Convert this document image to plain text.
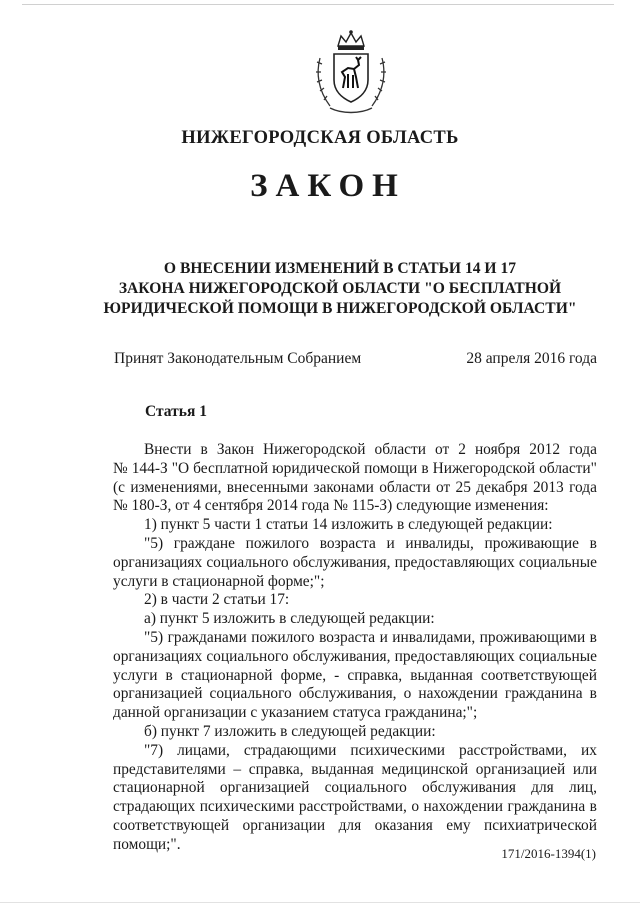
НИЖЕГОРОДСКАЯ ОБЛАСТЬ
ЗАКОН
О ВНЕСЕНИИ ИЗМЕНЕНИЙ В СТАТЬИ 14 И 17
ЗАКОНА НИЖЕГОРОДСКОЙ ОБЛАСТИ "О БЕСПЛАТНОЙ
ЮРИДИЧЕСКОЙ ПОМОЩИ В НИЖЕГОРОДСКОЙ ОБЛАСТИ"
Принят Законодательным Собранием	28 апреля 2016 года
Статья 1
Внести в Закон Нижегородской области от 2 ноября 2012 года
№ 144-З "О бесплатной юридической помощи в Нижегородской области"
(с изменениями, внесенными законами области от 25 декабря 2013 года
№ 180-З, от 4 сентября 2014 года № 115-З) следующие изменения:
1) пункт 5 части 1 статьи 14 изложить в следующей редакции:
"5) граждане пожилого возраста и инвалиды, проживающие в
организациях социального обслуживания, предоставляющих социальные
услуги в стационарной форме;";
2) в части 2 статьи 17:
а) пункт 5 изложить в следующей редакции:
"5) гражданами пожилого возраста и инвалидами, проживающими в
организациях социального обслуживания, предоставляющих социальные
услуги в стационарной форме, - справка, выданная соответствующей
организацией социального обслуживания, о нахождении гражданина в
данной организации с указанием статуса гражданина;";
б) пункт 7 изложить в следующей редакции:
"7) лицами, страдающими психическими расстройствами, их
представителями – справка, выданная медицинской организацией или
стационарной организацией социального обслуживания для лиц,
страдающих психическими расстройствами, о нахождении гражданина в
соответствующей организации для оказания ему психиатрической
помощи;".
171/2016-1394(1)
